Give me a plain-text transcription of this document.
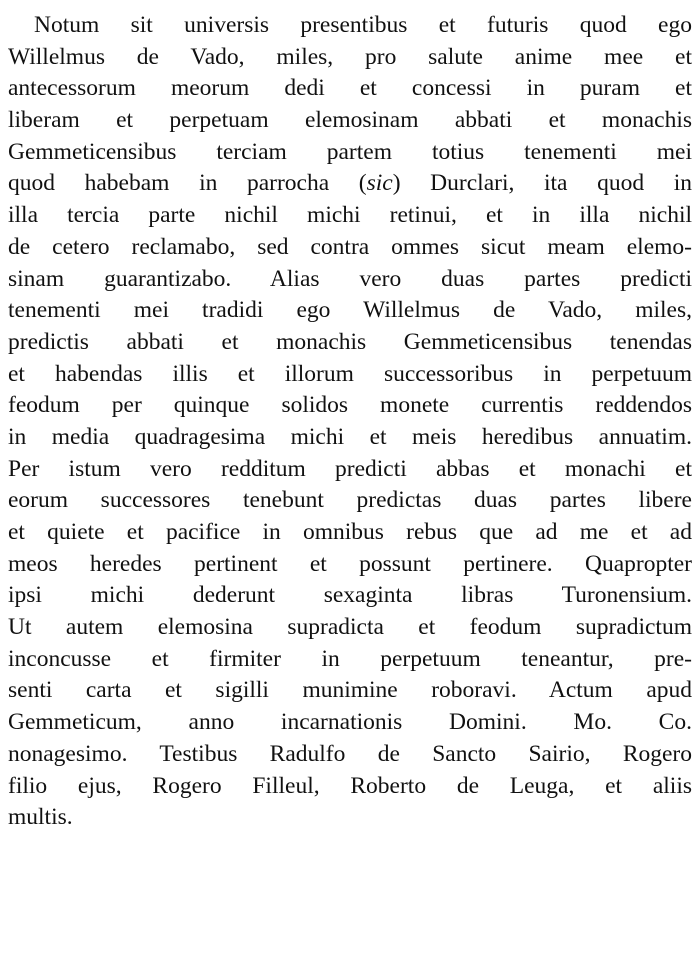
Notum sit universis presentibus et futuris quod ego
Willelmus de Vado, miles, pro salute anime mee et
antecessorum meorum dedi et concessi in puram et
liberam et perpetuam elemosinam abbati et monachis
Gemmeticensibus terciam partem totius tenementi mei
quod habebam in parrocha (sic) Durclari, ita quod in
illa tercia parte nichil michi retinui, et in illa nichil
de cetero reclamabo, sed contra ommes sicut meam elemo-
sinam guarantizabo. Alias vero duas partes predicti
tenementi mei tradidi ego Willelmus de Vado, miles,
predictis abbati et monachis Gemmeticensibus tenendas
et habendas illis et illorum successoribus in perpetuum
feodum per quinque solidos monete currentis reddendos
in media quadragesima michi et meis heredibus annuatim.
Per istum vero redditum predicti abbas et monachi et
eorum successores tenebunt predictas duas partes libere
et quiete et pacifice in omnibus rebus que ad me et ad
meos heredes pertinent et possunt pertinere. Quapropter
ipsi michi dederunt sexaginta libras Turonensium.
Ut autem elemosina supradicta et feodum supradictum
inconcusse et firmiter in perpetuum teneantur, pre-
senti carta et sigilli munimine roboravi. Actum apud
Gemmeticum, anno incarnationis Domini. Mo. Co.
nonagesimo. Testibus Radulfo de Sancto Sairio, Rogero
filio ejus, Rogero Filleul, Roberto de Leuga, et aliis
multis.
